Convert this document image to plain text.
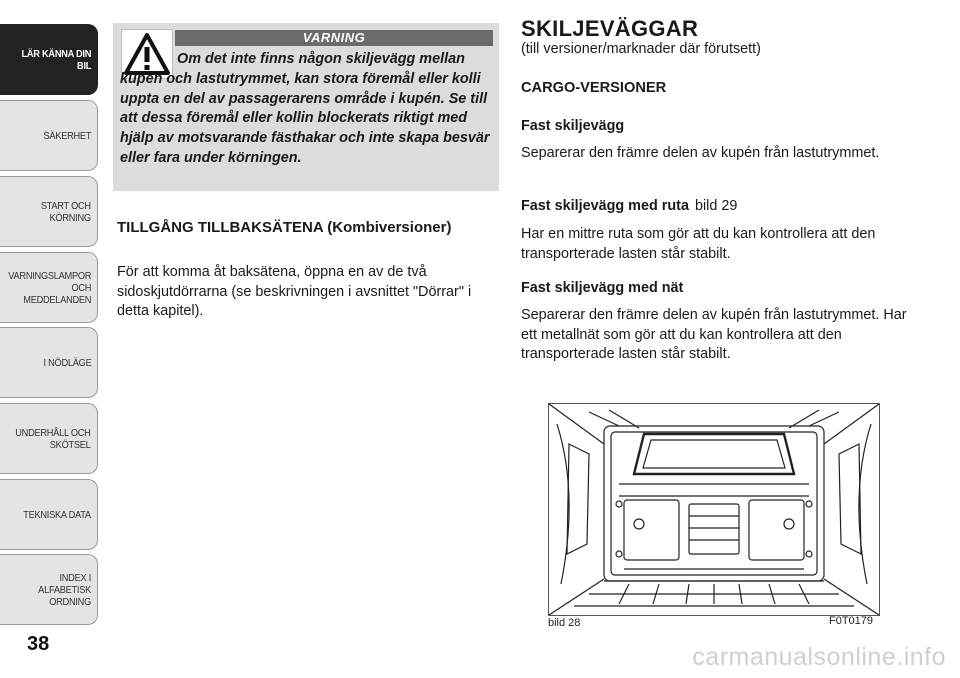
LÄR KÄNNA DIN
BIL
SÄKERHET
START OCH
KÖRNING
VARNINGSLAMPOR
OCH
MEDDELANDEN
I NÖDLÄGE
UNDERHÅLL OCH
SKÖTSEL
TEKNISKA DATA
INDEX I ALFABETISK
ORDNING
38
VARNING
Om det inte finns någon skiljevägg mellan kupén och lastutrymmet, kan stora föremål eller kolli uppta en del av passagerarens område i kupén. Se till att dessa föremål eller kollin blockerats riktigt med hjälp av motsvarande fästhakar och inte skapa besvär eller fara under körningen.
TILLGÅNG TILLBAKSÄTENA (Kombiversioner)
För att komma åt baksätena, öppna en av de två sidoskjutdörrarna (se beskrivningen i avsnittet "Dörrar" i detta kapitel).
SKILJEVÄGGAR
(till versioner/marknader där förutsett)
CARGO-VERSIONER
Fast skiljevägg
Separerar den främre delen av kupén från lastutrymmet.
Fast skiljevägg med ruta bild 29
Har en mittre ruta som gör att du kan kontrollera att den transporterade lasten står stabilt.
Fast skiljevägg med nät
Separerar den främre delen av kupén från lastutrymmet. Har ett metallnät som gör att du kan kontrollera att den transporterade lasten står stabilt.
bild 28	F0T0179
carmanualsonline.info
